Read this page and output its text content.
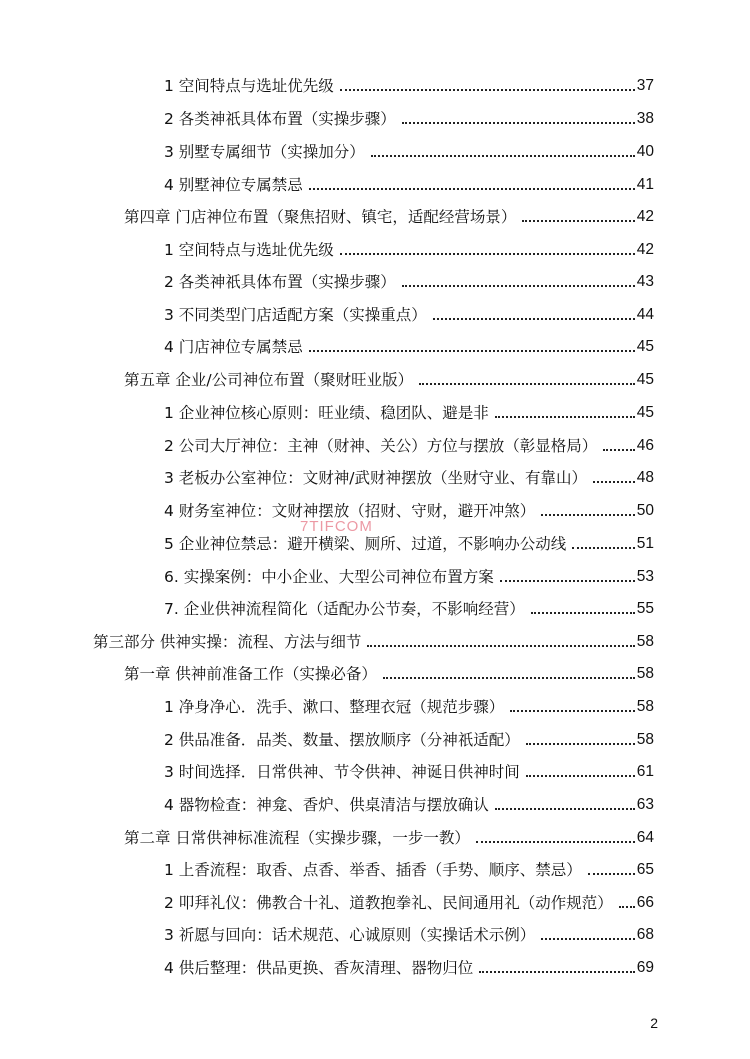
1 空间特点与选址优先级	37
2 各类神祇具体布置（实操步骤）	38
3 别墅专属细节（实操加分）	40
4 别墅神位专属禁忌	41
第四章 门店神位布置（聚焦招财、镇宅，适配经营场景）	42
1 空间特点与选址优先级	42
2 各类神祇具体布置（实操步骤）	43
3 不同类型门店适配方案（实操重点）	44
4 门店神位专属禁忌	45
第五章 企业/公司神位布置（聚财旺业版）	45
1 企业神位核心原则：旺业绩、稳团队、避是非	45
2 公司大厅神位：主神（财神、关公）方位与摆放（彰显格局）	46
3 老板办公室神位：文财神/武财神摆放（坐财守业、有靠山）	48
4 财务室神位：文财神摆放（招财、守财，避开冲煞）	50
5 企业神位禁忌：避开横梁、厕所、过道，不影响办公动线	51
6. 实操案例：中小企业、大型公司神位布置方案	53
7. 企业供神流程简化（适配办公节奏，不影响经营）	55
第三部分 供神实操：流程、方法与细节	58
第一章 供神前准备工作（实操必备）	58
1 净身净心．洗手、漱口、整理衣冠（规范步骤）	58
2 供品准备．品类、数量、摆放顺序（分神祇适配）	58
3 时间选择．日常供神、节令供神、神诞日供神时间	61
4 器物检查：神龛、香炉、供桌清洁与摆放确认	63
第二章 日常供神标准流程（实操步骤，一步一教）	64
1 上香流程：取香、点香、举香、插香（手势、顺序、禁忌）	65
2 叩拜礼仪：佛教合十礼、道教抱拳礼、民间通用礼（动作规范） 66
3 祈愿与回向：话术规范、心诚原则（实操话术示例）	68
4 供后整理：供品更换、香灰清理、器物归位	69
7TIFCOM
2
